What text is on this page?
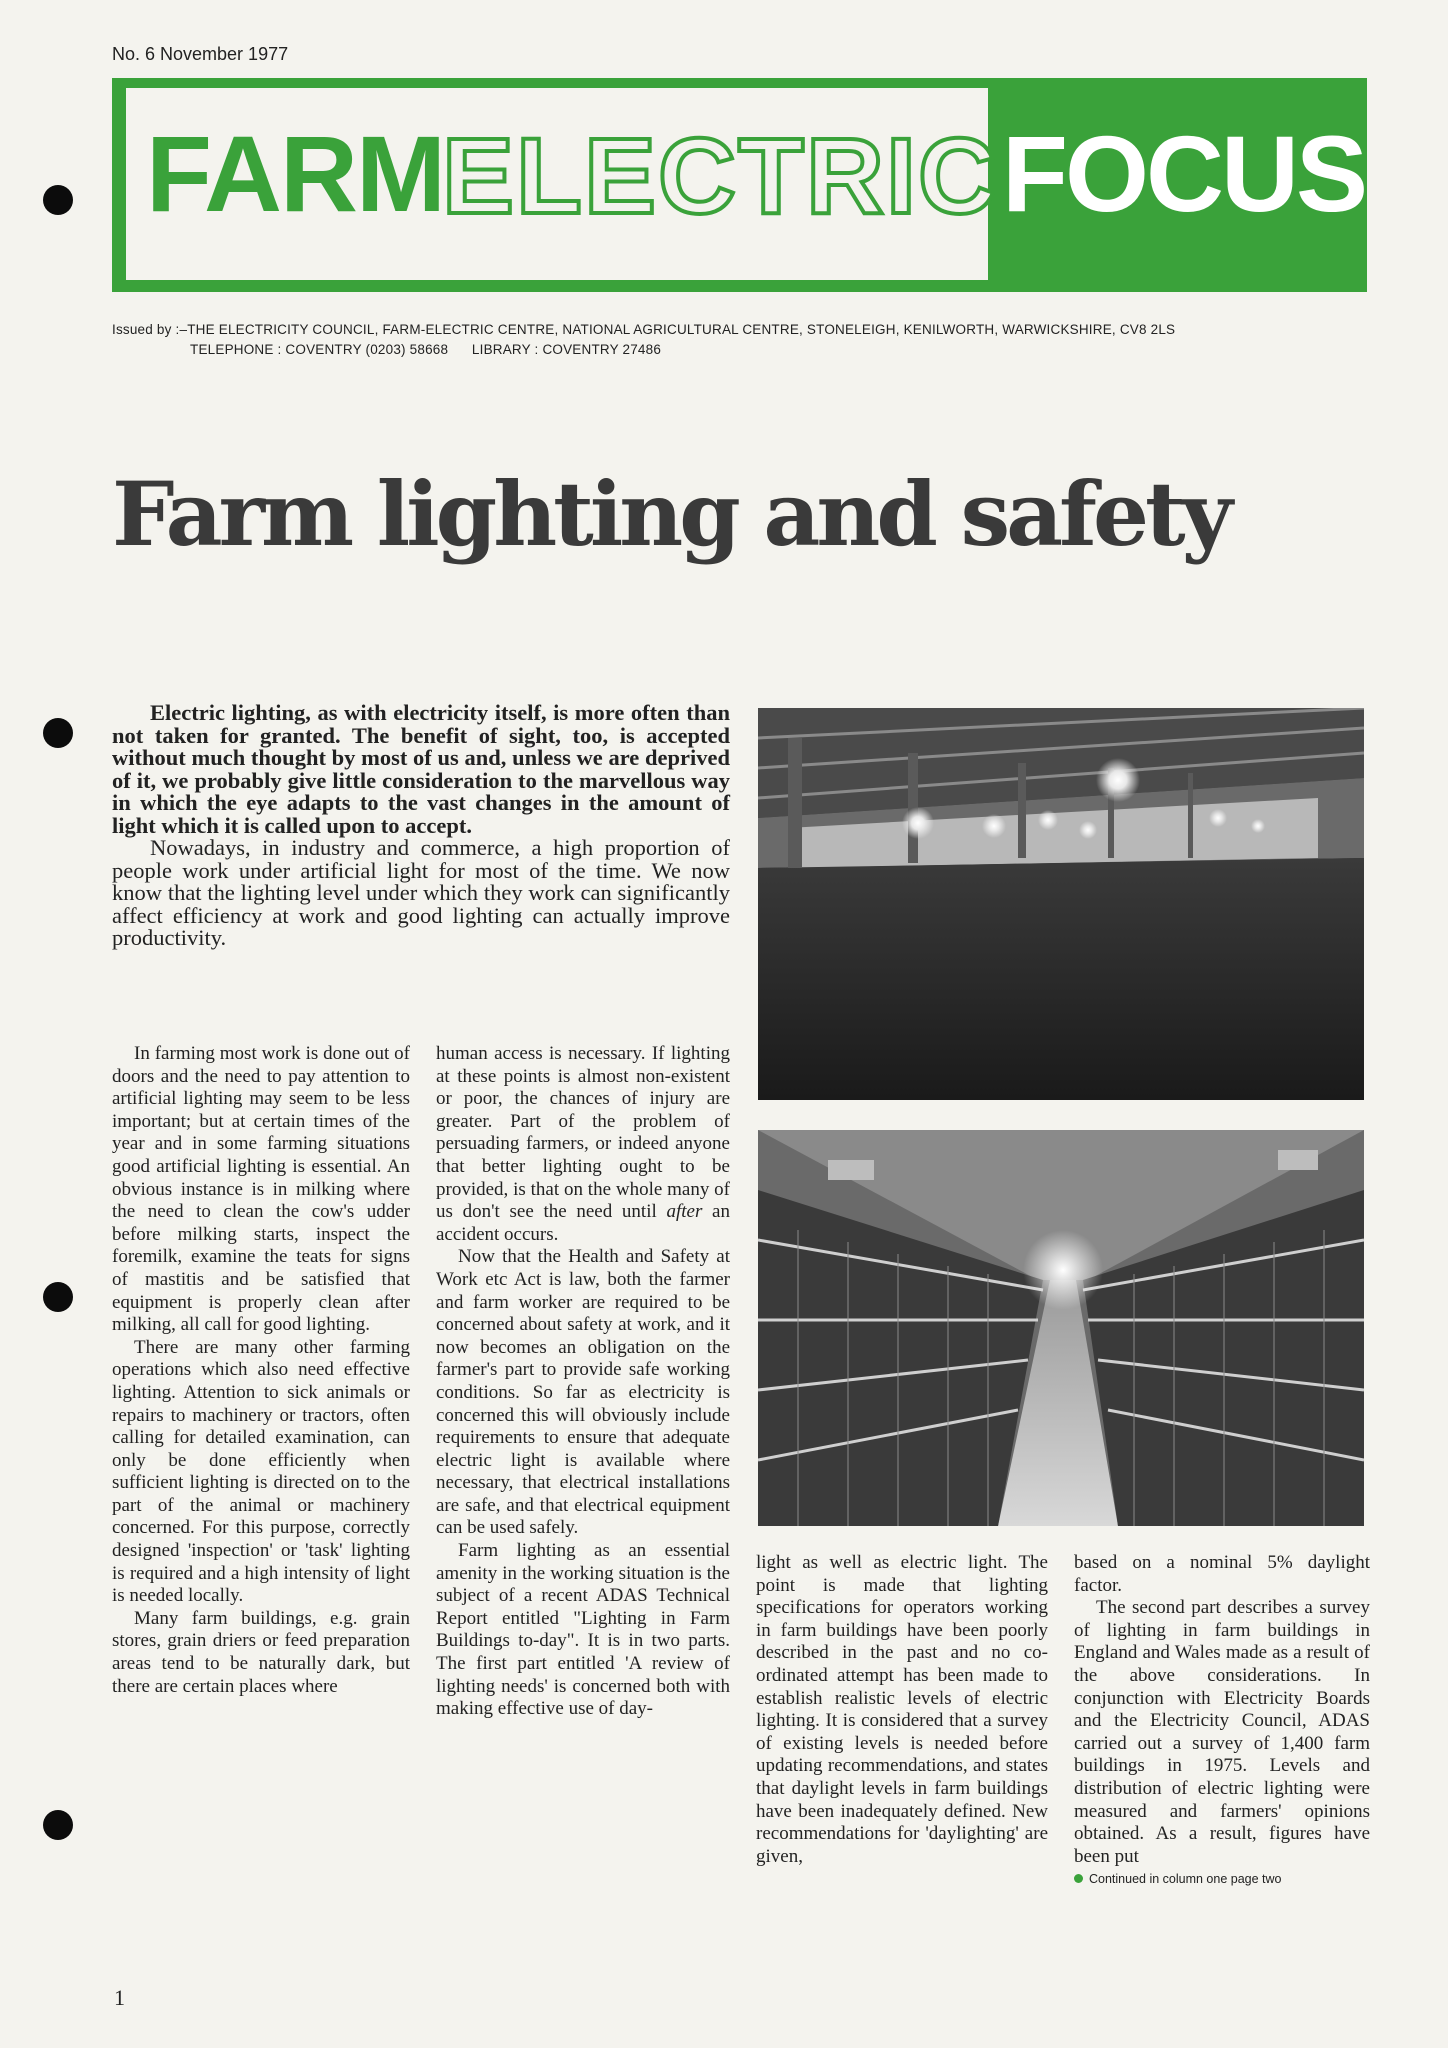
No. 6 November 1977
FARM
ELECTRIC FOCUS
Issued by :–THE ELECTRICITY COUNCIL, FARM-ELECTRIC CENTRE, NATIONAL AGRICULTURAL CENTRE, STONELEIGH, KENILWORTH, WARWICKSHIRE, CV8 2LS
TELEPHONE : COVENTRY (0203) 58668      LIBRARY : COVENTRY 27486
Farm lighting and safety

Electric lighting, as with electricity itself, is more often than not taken for granted. The benefit of sight, too, is accepted without much thought by most of us and, unless we are deprived of it, we probably give little consideration to the marvellous way in which the eye adapts to the vast changes in the amount of light which it is called upon to accept.

Nowadays, in industry and commerce, a high proportion of people work under artificial light for most of the time. We now know that the lighting level under which they work can significantly affect efficiency at work and good lighting can actually improve productivity.

In farming most work is done out of doors and the need to pay attention to artificial lighting may seem to be less important; but at certain times of the year and in some farming situations good artificial lighting is essential. An obvious instance is in milking where the need to clean the cow's udder before milking starts, inspect the foremilk, examine the teats for signs of mastitis and be satisfied that equipment is properly clean after milking, all call for good lighting.

There are many other farming operations which also need effective lighting. Attention to sick animals or repairs to machinery or tractors, often calling for detailed examination, can only be done efficiently when sufficient lighting is directed on to the part of the animal or machinery concerned. For this purpose, correctly designed 'inspection' or 'task' lighting is required and a high intensity of light is needed locally.

Many farm buildings, e.g. grain stores, grain driers or feed preparation areas tend to be naturally dark, but there are certain places where

human access is necessary. If lighting at these points is almost non-existent or poor, the chances of injury are greater. Part of the problem of persuading farmers, or indeed anyone that better lighting ought to be provided, is that on the whole many of us don't see the need until after an accident occurs.

Now that the Health and Safety at Work etc Act is law, both the farmer and farm worker are required to be concerned about safety at work, and it now becomes an obligation on the farmer's part to provide safe working conditions. So far as electricity is concerned this will obviously include requirements to ensure that adequate electric light is available where necessary, that electrical installations are safe, and that electrical equipment can be used safely.

Farm lighting as an essential amenity in the working situation is the subject of a recent ADAS Technical Report entitled "Lighting in Farm Buildings to-day". It is in two parts. The first part entitled 'A review of lighting needs' is concerned both with making effective use of day-

light as well as electric light. The point is made that lighting specifications for operators working in farm buildings have been poorly described in the past and no co-ordinated attempt has been made to establish realistic levels of electric lighting. It is considered that a survey of existing levels is needed before updating recommendations, and states that daylight levels in farm buildings have been inadequately defined. New recommendations for 'daylighting' are given,

based on a nominal 5% daylight factor.

The second part describes a survey of lighting in farm buildings in England and Wales made as a result of the above considerations. In conjunction with Electricity Boards and the Electricity Council, ADAS carried out a survey of 1,400 farm buildings in 1975. Levels and distribution of electric lighting were measured and farmers' opinions obtained. As a result, figures have been put

Continued in column one page two

1
